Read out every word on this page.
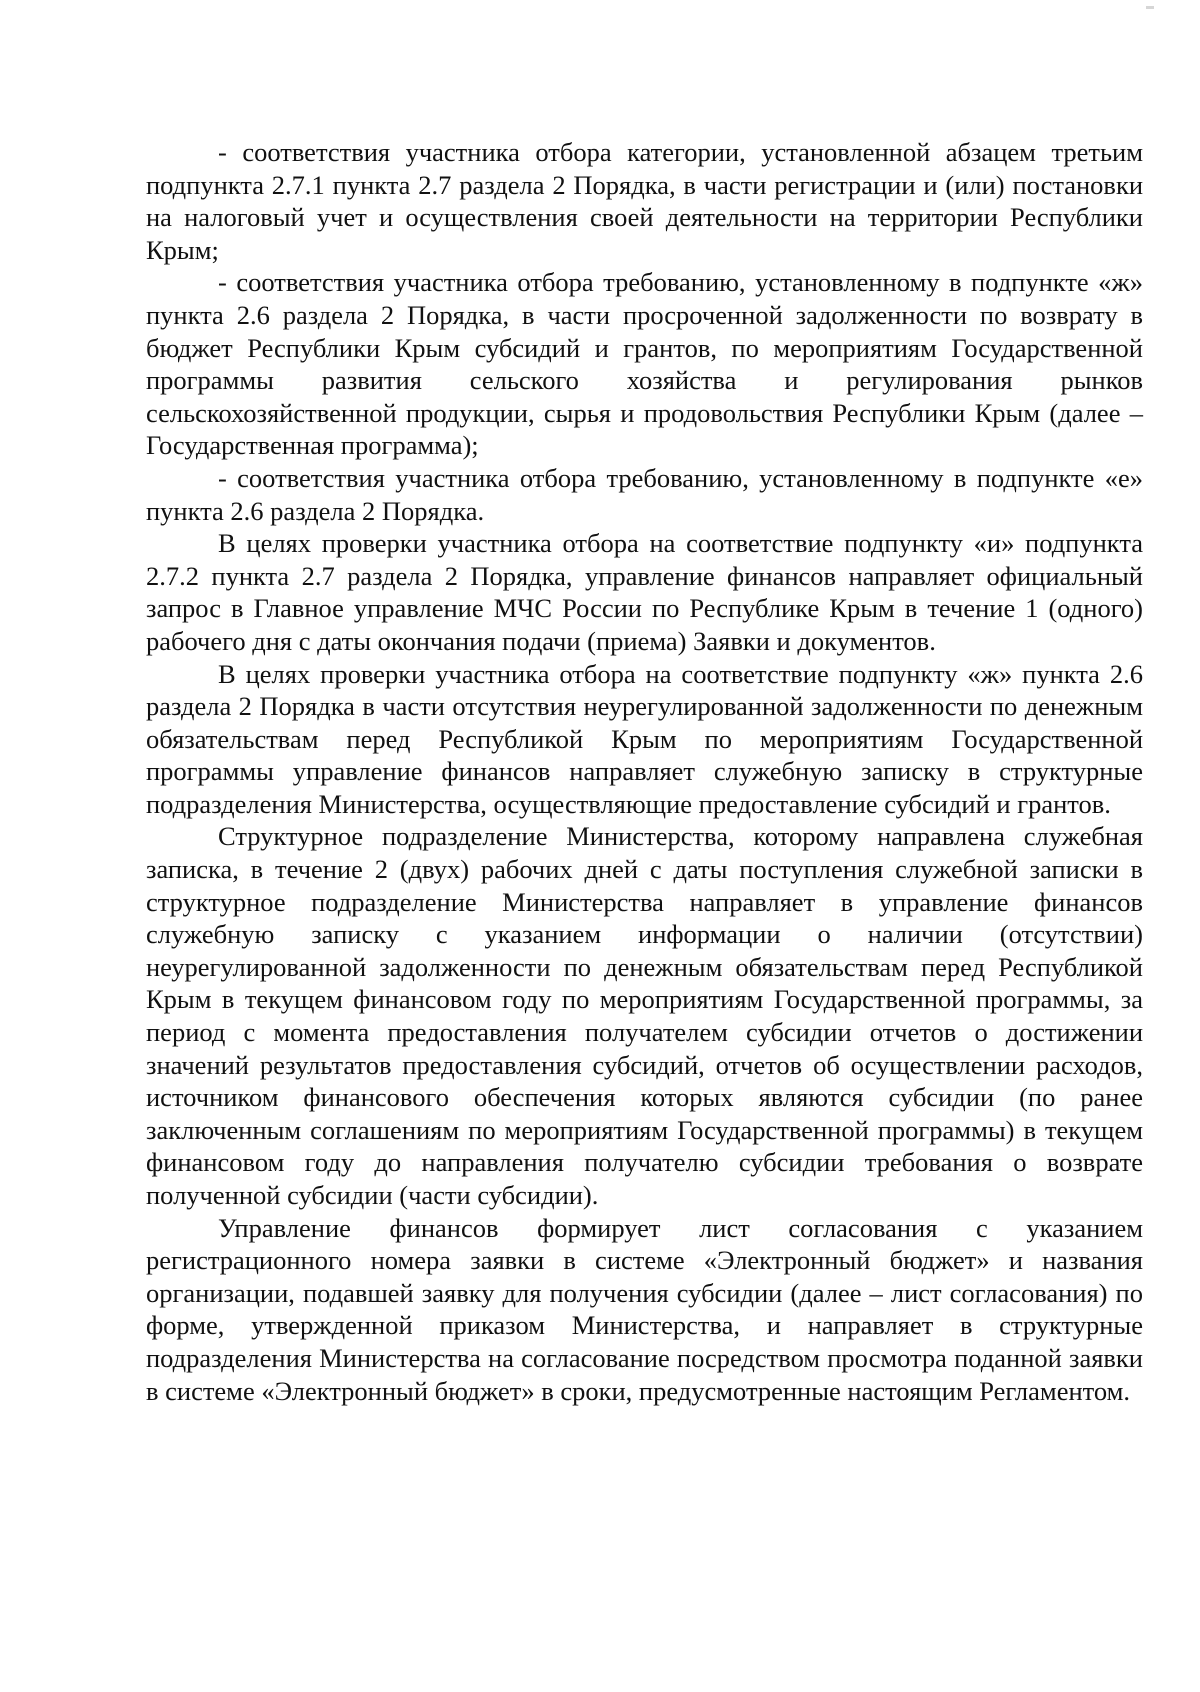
- соответствия участника отбора категории, установленной абзацем третьим подпункта 2.7.1 пункта 2.7 раздела 2 Порядка, в части регистрации и (или) постановки на налоговый учет и осуществления своей деятельности на территории Республики Крым;

- соответствия участника отбора требованию, установленному в подпункте «ж» пункта 2.6 раздела 2 Порядка, в части просроченной задолженности по возврату в бюджет Республики Крым субсидий и грантов, по мероприятиям Государственной программы развития сельского хозяйства и регулирования рынков сельскохозяйственной продукции, сырья и продовольствия Республики Крым (далее – Государственная программа);

- соответствия участника отбора требованию, установленному в подпункте «е» пункта 2.6 раздела 2 Порядка.

В целях проверки участника отбора на соответствие подпункту «и» подпункта 2.7.2 пункта 2.7 раздела 2 Порядка, управление финансов направляет официальный запрос в Главное управление МЧС России по Республике Крым в течение 1 (одного) рабочего дня с даты окончания подачи (приема) Заявки и документов.

В целях проверки участника отбора на соответствие подпункту «ж» пункта 2.6 раздела 2 Порядка в части отсутствия неурегулированной задолженности по денежным обязательствам перед Республикой Крым по мероприятиям Государственной программы управление финансов направляет служебную записку в структурные подразделения Министерства, осуществляющие предоставление субсидий и грантов.

Структурное подразделение Министерства, которому направлена служебная записка, в течение 2 (двух) рабочих дней с даты поступления служебной записки в структурное подразделение Министерства направляет в управление финансов служебную записку с указанием информации о наличии (отсутствии) неурегулированной задолженности по денежным обязательствам перед Республикой Крым в текущем финансовом году по мероприятиям Государственной программы, за период с момента предоставления получателем субсидии отчетов о достижении значений результатов предоставления субсидий, отчетов об осуществлении расходов, источником финансового обеспечения которых являются субсидии (по ранее заключенным соглашениям по мероприятиям Государственной программы) в текущем финансовом году до направления получателю субсидии требования о возврате полученной субсидии (части субсидии).

Управление финансов формирует лист согласования с указанием регистрационного номера заявки в системе «Электронный бюджет» и названия организации, подавшей заявку для получения субсидии (далее – лист согласования) по форме, утвержденной приказом Министерства, и направляет в структурные подразделения Министерства на согласование посредством просмотра поданной заявки в системе «Электронный бюджет» в сроки, предусмотренные настоящим Регламентом.
